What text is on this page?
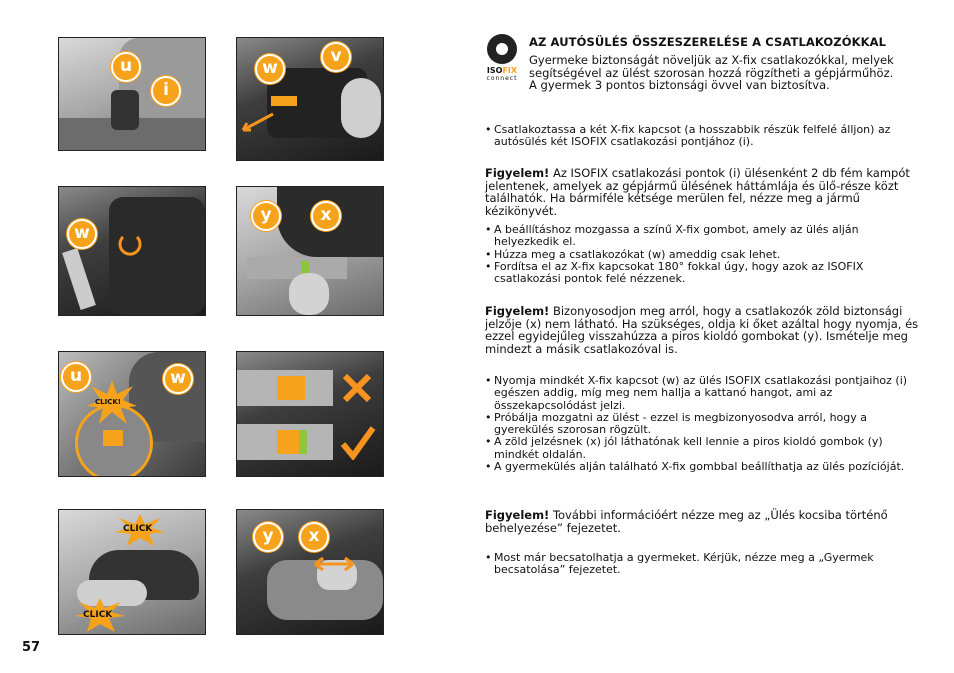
u
i
w
v
w
y	x
CLICK!
u	w
CLICK
CLICK
y	x
57
ISOFIX
connect
AZ AUTÓSÜLÉS ÖSSZESZERELÉSE A CSATLAKOZÓKKAL

Gyermeke biztonságát növeljük az X-fix csatlakozókkal, melyek

segítségével az ülést szorosan hozzá rögzítheti a gépjárműhöz.

A gyermek 3 pontos biztonsági övvel van biztosítva.

• Csatlakoztassa a két X-fix kapcsot (a hosszabbik részük felfelé álljon) az autósülés két ISOFIX csatlakozási pontjához (i).

Figyelem! Az ISOFIX csatlakozási pontok (i) ülésenként 2 db fém kampót jelentenek, amelyek az gépjármű ülésének háttámlája és ülő-része közt találhatók. Ha bármiféle kétsége merülen fel, nézze meg a jármű kézikönyvét.

• A beállításhoz mozgassa a színű X-fix gombot, amely az ülés alján helyezkedik el.
• Húzza meg a csatlakozókat (w) ameddig csak lehet.
• Fordítsa el az X-fix kapcsokat 180° fokkal úgy, hogy azok az ISOFIX csatlakozási pontok felé nézzenek.

Figyelem! Bizonyosodjon meg arról, hogy a csatlakozók zöld biztonsági jelzője (x) nem látható. Ha szükséges, oldja ki őket azáltal hogy nyomja, és ezzel egyidejűleg visszahúzza a piros kioldó gombokat (y). Ismételje meg mindezt a másik csatlakozóval is.

• Nyomja mindkét X-fix kapcsot (w) az ülés ISOFIX csatlakozási pontjaihoz (i) egészen addig, míg meg nem hallja a kattanó hangot, ami az összekapcsolódást jelzi.
• Próbálja mozgatni az ülést - ezzel is megbizonyosodva arról, hogy a gyerekülés szorosan rögzült.
• A zöld jelzésnek (x) jól láthatónak kell lennie a piros kioldó gombok (y) mindkét oldalán.
• A gyermekülés alján található X-fix gombbal beállíthatja az ülés pozícióját.

Figyelem! További információért nézze meg az „Ülés kocsiba történő behelyezése” fejezetet.

• Most már becsatolhatja a gyermeket. Kérjük, nézze meg a „Gyermek becsatolása” fejezetet.
